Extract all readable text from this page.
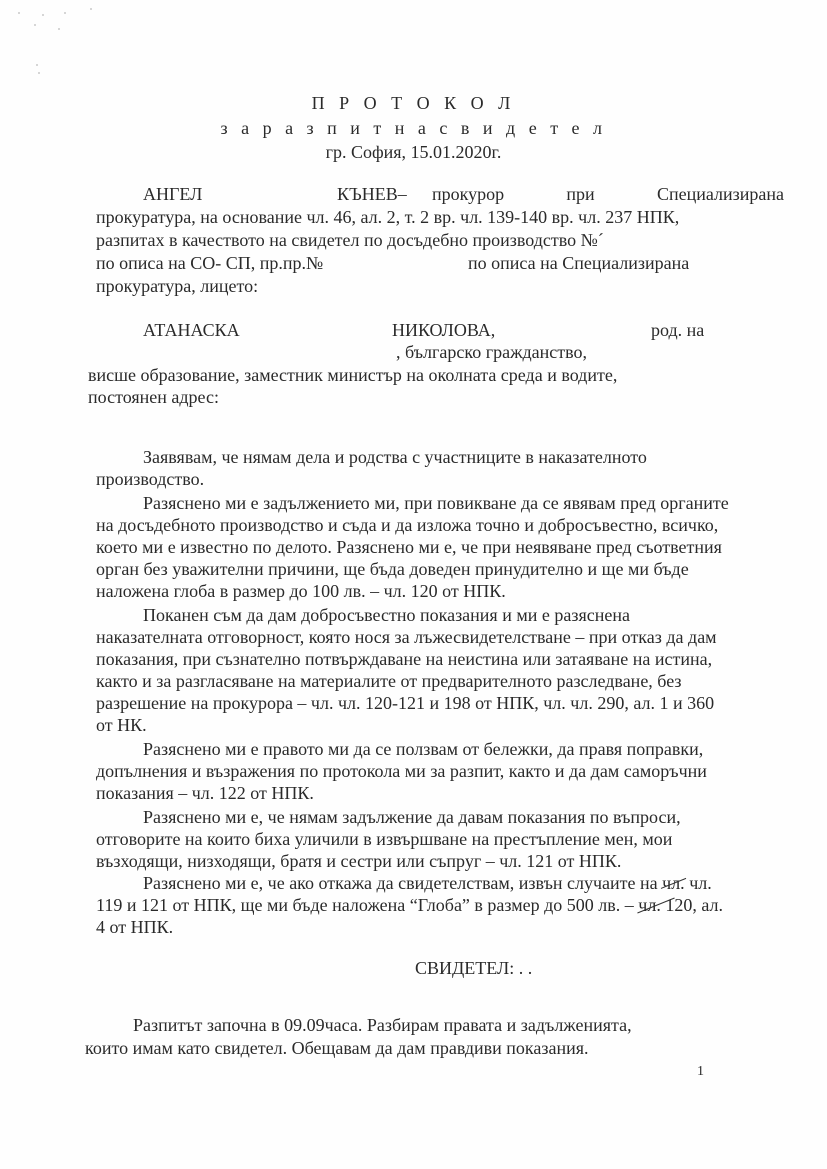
П Р О Т О К О Л
з а р а з п и т н а с в и д е т е л
гр. София, 15.01.2020г.
АНГЕЛ	КЪНЕВ– прокурор при Специализирана
прокуратура, на основание чл. 46, ал. 2, т. 2 вр. чл. 139-140 вр. чл. 237 НПК,
разпитах в качеството на свидетел по досъдебно производство №´
по описа на СО- СП, пр.пр.№	по описа на Специализирана
прокуратура, лицето:
АТАНАСКА	НИКОЛОВА,	род. на
, българско гражданство,
висше образование, заместник министър на околната среда и водите,
постоянен адрес:
Заявявам, че нямам дела и родства с участниците в наказателното
производство.
Разяснено ми е задължението ми, при повикване да се явявам пред органите
на досъдебното производство и съда и да изложа точно и добросъвестно, всичко,
което ми е известно по делото. Разяснено ми е, че при неявяване пред съответния
орган без уважителни причини, ще бъда доведен принудително и ще ми бъде
наложена глоба в размер до 100 лв. – чл. 120 от НПК.
Поканен съм да дам добросъвестно показания и ми е разяснена
наказателната отговорност, която нося за лъжесвидетелстване – при отказ да дам
показания, при съзнателно потвърждаване на неистина или затаяване на истина,
както и за разгласяване на материалите от предварителното разследване, без
разрешение на прокурора – чл. чл. 120-121 и 198 от НПК, чл. чл. 290, ал. 1 и 360
от НК.
Разяснено ми е правото ми да се ползвам от бележки, да правя поправки,
допълнения и възражения по протокола ми за разпит, както и да дам саморъчни
показания – чл. 122 от НПК.
Разяснено ми е, че нямам задължение да давам показания по въпроси,
отговорите на които биха уличили в извършване на престъпление мен, мои
възходящи, низходящи, братя и сестри или съпруг – чл. 121 от НПК.
Разяснено ми е, че ако откажа да свидетелствам, извън случаите на чл. чл.
119 и 121 от НПК, ще ми бъде наложена “Глоба” в размер до 500 лв. – чл. 120, ал.
4 от НПК.
СВИДЕТЕЛ: . .
Разпитът започна в 09.09часа. Разбирам правата и задълженията,
които имам като свидетел. Обещавам да дам правдиви показания.
1
